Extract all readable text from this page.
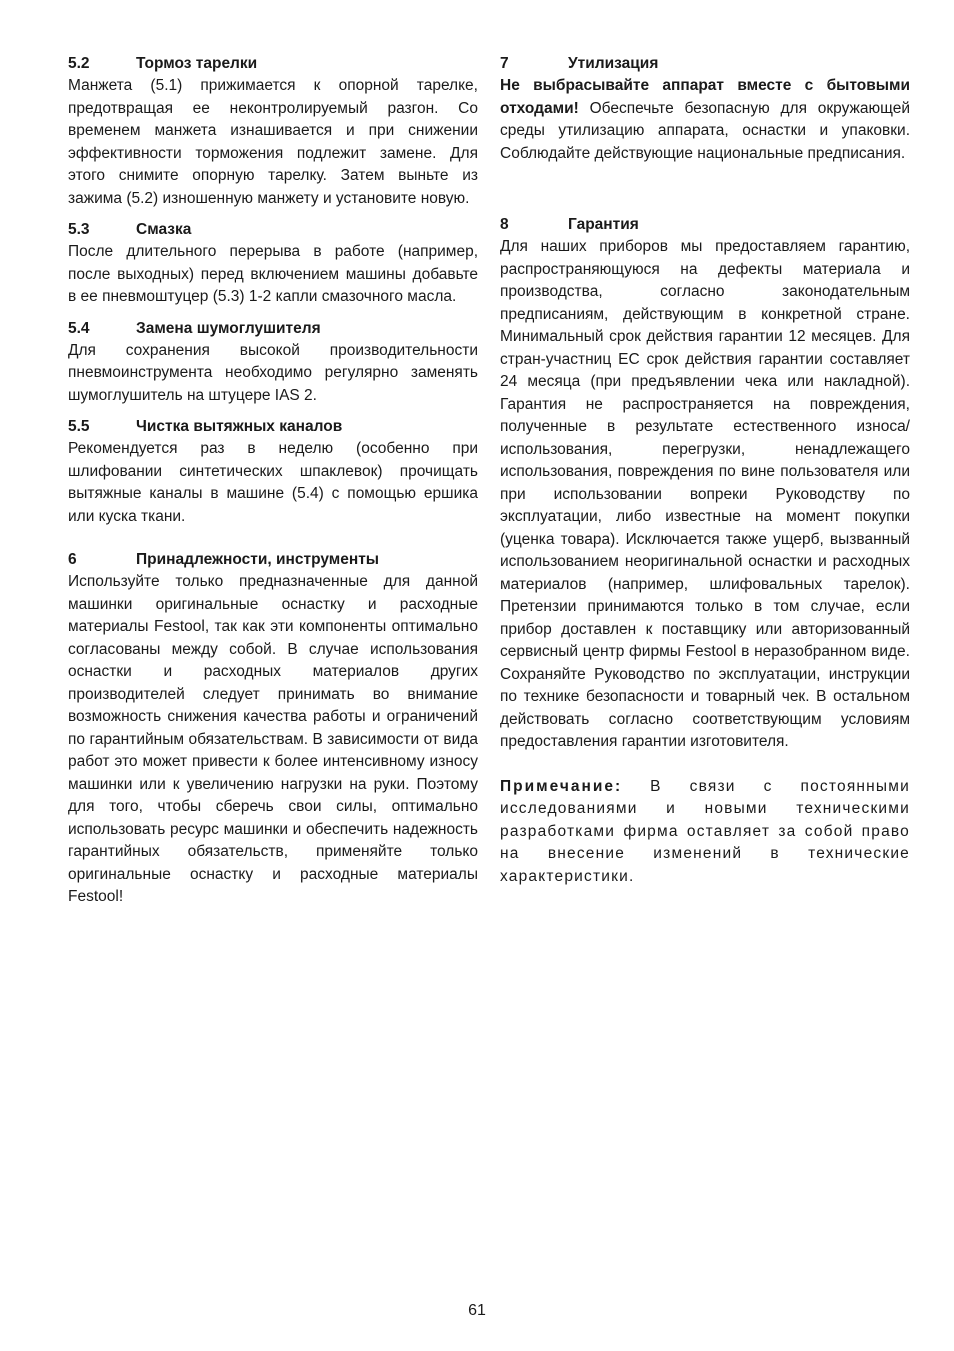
5.2	Тормоз тарелки

Манжета (5.1) прижимается к опорной тарелке, предотвращая ее неконтролируемый разгон. Со временем манжета изнашивается и при снижении эффективности торможения подлежит замене. Для этого снимите опорную тарелку. Затем выньте из зажима (5.2) изношенную манжету и установите новую.

5.3	Смазка

После длительного перерыва в работе (например, после выходных) перед включением машины добавьте в ее пневмоштуцер (5.3) 1-2 капли смазочного масла.

5.4	Замена шумоглушителя

Для сохранения высокой производительности пневмоинструмента необходимо регулярно заменять шумоглушитель на штуцере IAS 2.

5.5	Чистка вытяжных каналов

Рекомендуется раз в неделю (особенно при шлифовании синтетических шпаклевок) прочищать вытяжные каналы в машине (5.4) с помощью ершика или куска ткани.

6	Принадлежности, инструменты

Используйте только предназначенные для данной машинки оригинальные оснастку и расходные материалы Festool, так как эти компоненты оптимально согласованы между собой. В случае использования оснастки и расходных материалов других производителей следует принимать во внимание возможность снижения качества работы и ограничений по гарантийным обязательствам. В зависимости от вида работ это может привести к более интенсивному износу машинки или к увеличению нагрузки на руки. Поэтому для того, чтобы сберечь свои силы, оптимально использовать ресурс машинки и обеспечить надежность гарантийных обязательств, применяйте только оригинальные оснастку и расходные материалы Festool!

7	Утилизация

Не выбрасывайте аппарат вместе с бытовыми отходами! Обеспечьте безопасную для окружающей среды утилизацию аппарата, оснастки и упаковки. Соблюдайте действующие национальные предписания.

8	Гарантия

Для наших приборов мы предоставляем гарантию, распространяющуюся на дефекты материала и производства, согласно законодательным предписаниям, действующим в конкретной стране. Минимальный срок действия гарантии 12 месяцев. Для стран-участниц ЕС срок действия гарантии составляет 24 месяца (при предъявлении чека или накладной). Гарантия не распространяется на повреждения, полученные в результате естественного износа/использования, перегрузки, ненадлежащего использования, повреждения по вине пользователя или при использовании вопреки Руководству по эксплуатации, либо известные на момент покупки (уценка товара). Исключается также ущерб, вызванный использованием неоригинальной оснастки и расходных материалов (например, шлифовальных тарелок). Претензии принимаются только в том случае, если прибор доставлен к поставщику или авторизованный сервисный центр фирмы Festool в неразобранном виде. Сохраняйте Руководство по эксплуатации, инструкции по технике безопасности и товарный чек. В остальном действовать согласно соответствующим условиям предоставления гарантии изготовителя.

Примечание: В связи с постоянными исследованиями и новыми техническими разработками фирма оставляет за собой право на внесение изменений в технические характеристики.

61
